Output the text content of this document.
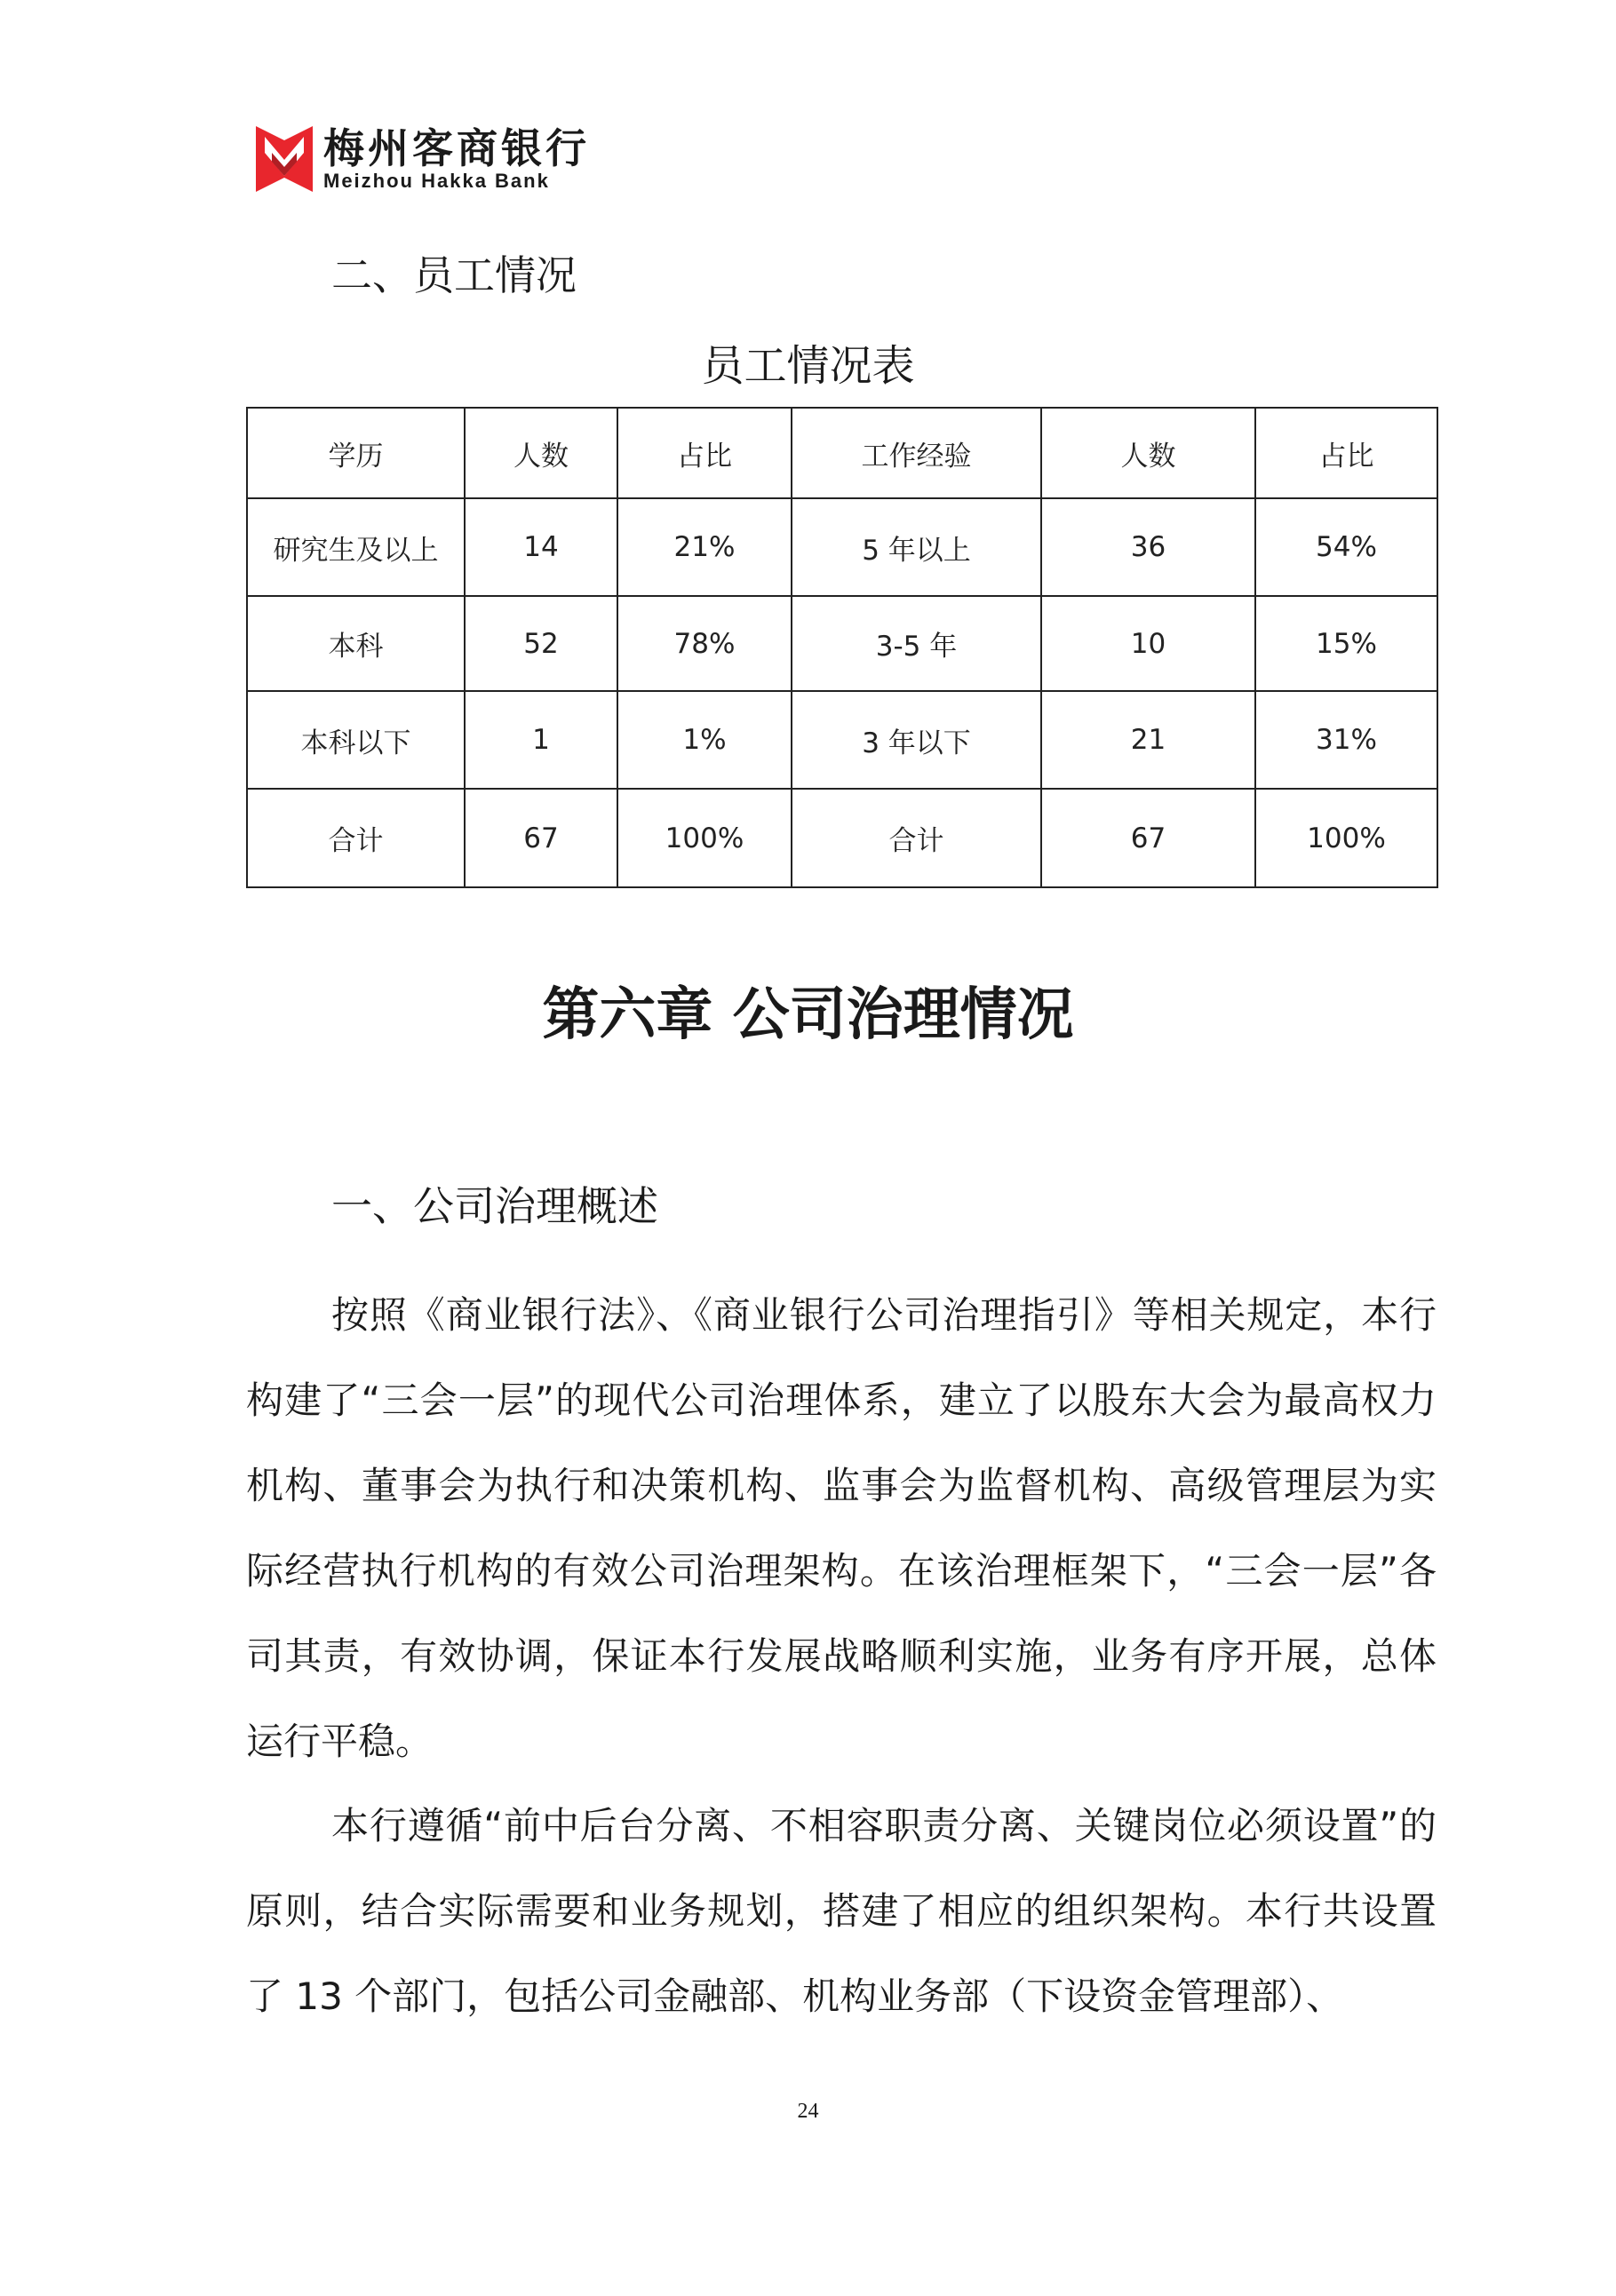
梅州客商银行
Meizhou Hakka Bank
二、员工情况
员工情况表
学历	人数	占比	工作经验	人数	占比
研究生及以上	14	21%	5 年以上	36	54%
本科	52	78%	3-5 年	10	15%
本科以下	1	1%	3 年以下	21	31%
合计	67	100%	合计	67	100%
第六章 公司治理情况
一、公司治理概述

按照《商业银行法》、《商业银行公司治理指引》等相关规定，本行构建了“三会一层”的现代公司治理体系，建立了以股东大会为最高权力机构、董事会为执行和决策机构、监事会为监督机构、高级管理层为实际经营执行机构的有效公司治理架构。在该治理框架下，“三会一层”各司其责，有效协调，保证本行发展战略顺利实施，业务有序开展，总体运行平稳。

本行遵循“前中后台分离、不相容职责分离、关键岗位必须设置”的原则，结合实际需要和业务规划，搭建了相应的组织架构。本行共设置了 13 个部门，包括公司金融部、机构业务部（下设资金管理部）、

24
